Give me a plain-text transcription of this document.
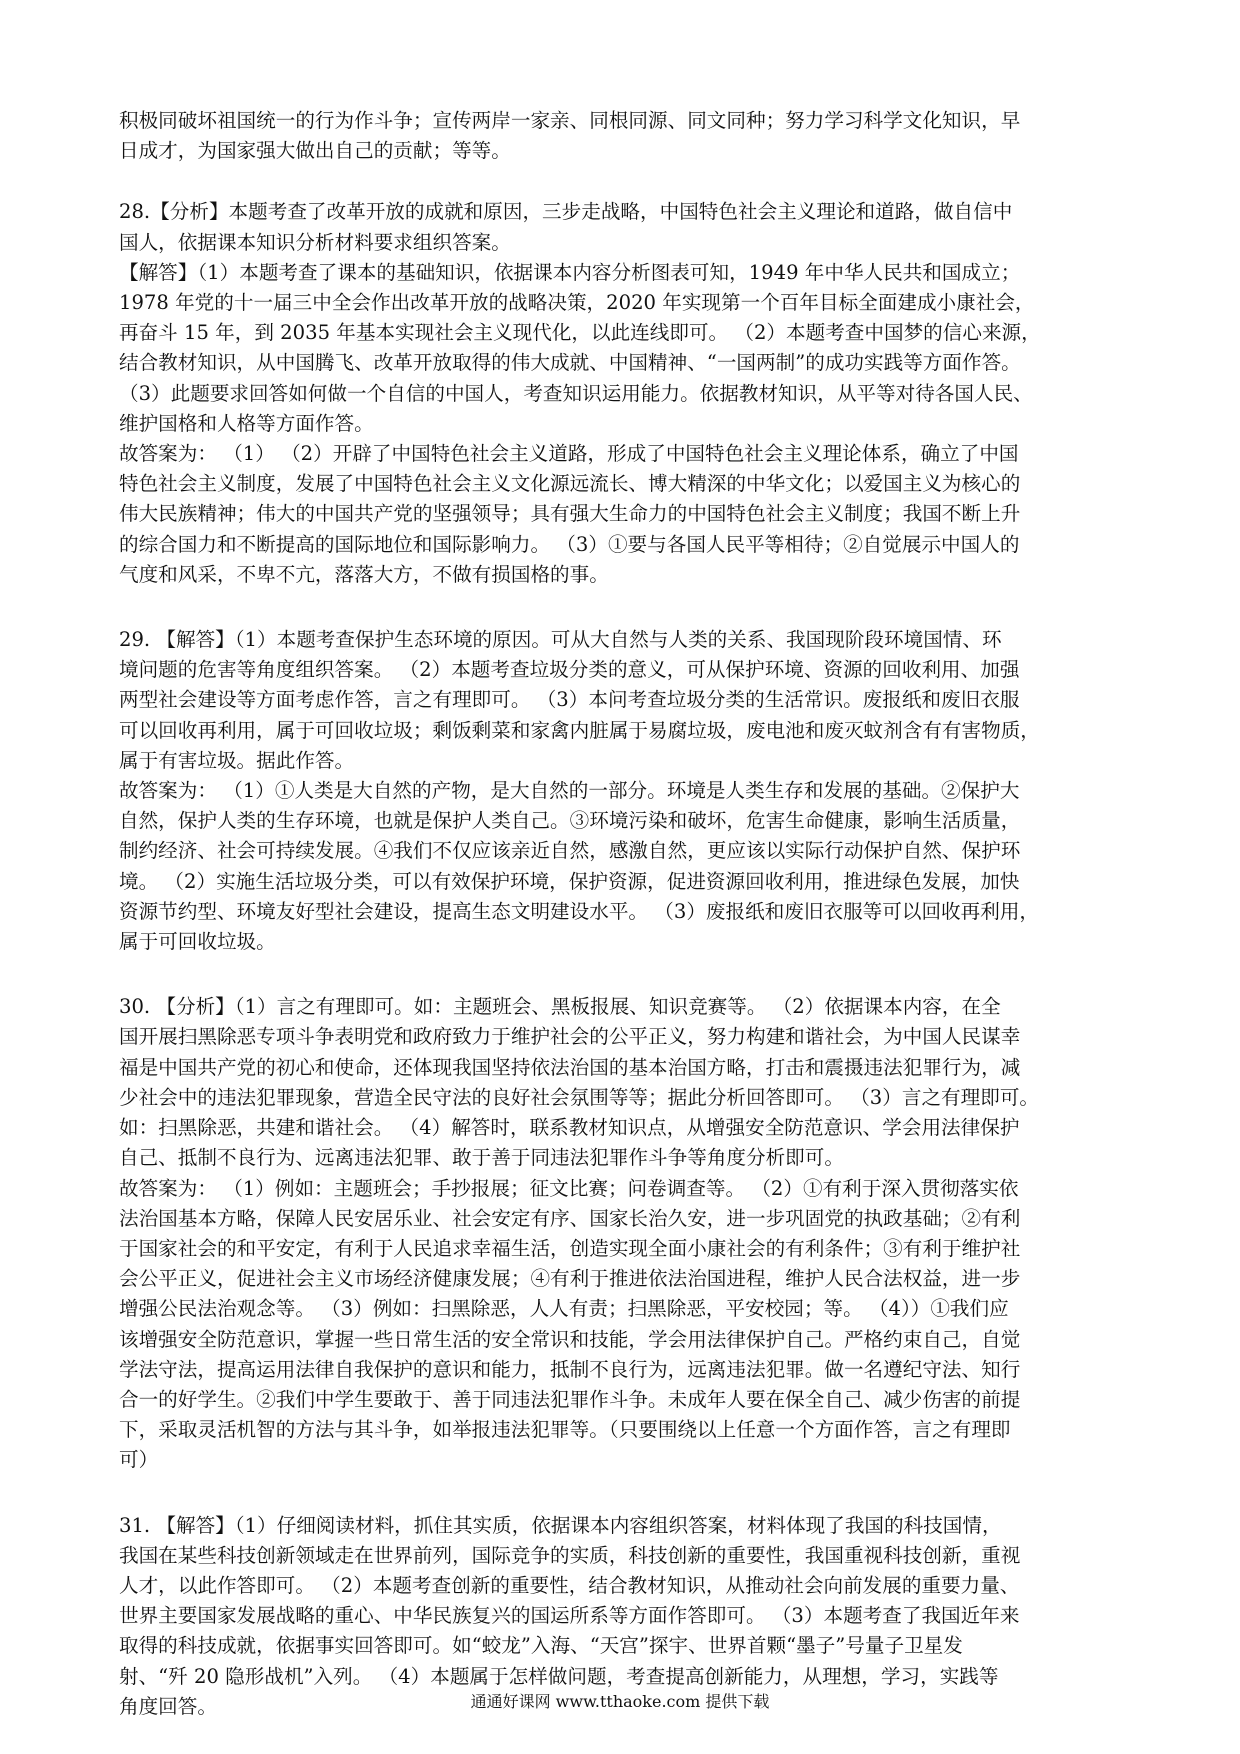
积极同破坏祖国统一的行为作斗争；宣传两岸一家亲、同根同源、同文同种；努力学习科学文化知识，早
日成才，为国家强大做出自己的贡献；等等。
28.【分析】本题考查了改革开放的成就和原因，三步走战略，中国特色社会主义理论和道路，做自信中
国人，依据课本知识分析材料要求组织答案。
【解答】（1）本题考查了课本的基础知识，依据课本内容分析图表可知，1949 年中华人民共和国成立；
1978 年党的十一届三中全会作出改革开放的战略决策，2020 年实现第一个百年目标全面建成小康社会，
再奋斗 15 年，到 2035 年基本实现社会主义现代化，以此连线即可。 （2）本题考查中国梦的信心来源，
结合教材知识，从中国腾飞、改革开放取得的伟大成就、中国精神、“一国两制”的成功实践等方面作答。
（3）此题要求回答如何做一个自信的中国人，考查知识运用能力。依据教材知识，从平等对待各国人民、
维护国格和人格等方面作答。
故答案为： （1） （2）开辟了中国特色社会主义道路，形成了中国特色社会主义理论体系，确立了中国
特色社会主义制度，发展了中国特色社会主义文化源远流长、博大精深的中华文化；以爱国主义为核心的
伟大民族精神；伟大的中国共产党的坚强领导；具有强大生命力的中国特色社会主义制度；我国不断上升
的综合国力和不断提高的国际地位和国际影响力。 （3）①要与各国人民平等相待；②自觉展示中国人的
气度和风采，不卑不亢，落落大方，不做有损国格的事。
29. 【解答】（1）本题考查保护生态环境的原因。可从大自然与人类的关系、我国现阶段环境国情、环
境问题的危害等角度组织答案。 （2）本题考查垃圾分类的意义，可从保护环境、资源的回收利用、加强
两型社会建设等方面考虑作答，言之有理即可。 （3）本问考查垃圾分类的生活常识。废报纸和废旧衣服
可以回收再利用，属于可回收垃圾；剩饭剩菜和家禽内脏属于易腐垃圾，废电池和废灭蚊剂含有有害物质，
属于有害垃圾。据此作答。
故答案为： （1）①人类是大自然的产物，是大自然的一部分。环境是人类生存和发展的基础。②保护大
自然，保护人类的生存环境，也就是保护人类自己。③环境污染和破坏，危害生命健康，影响生活质量，
制约经济、社会可持续发展。④我们不仅应该亲近自然，感激自然，更应该以实际行动保护自然、保护环
境。 （2）实施生活垃圾分类，可以有效保护环境，保护资源，促进资源回收利用，推进绿色发展，加快
资源节约型、环境友好型社会建设，提高生态文明建设水平。 （3）废报纸和废旧衣服等可以回收再利用，
属于可回收垃圾。
30. 【分析】（1）言之有理即可。如：主题班会、黑板报展、知识竞赛等。 （2）依据课本内容，在全
国开展扫黑除恶专项斗争表明党和政府致力于维护社会的公平正义，努力构建和谐社会，为中国人民谋幸
福是中国共产党的初心和使命，还体现我国坚持依法治国的基本治国方略，打击和震摄违法犯罪行为，减
少社会中的违法犯罪现象，营造全民守法的良好社会氛围等等；据此分析回答即可。 （3）言之有理即可。
如：扫黑除恶，共建和谐社会。 （4）解答时，联系教材知识点，从增强安全防范意识、学会用法律保护
自己、抵制不良行为、远离违法犯罪、敢于善于同违法犯罪作斗争等角度分析即可。
故答案为： （1）例如：主题班会；手抄报展；征文比赛；问卷调查等。 （2）①有利于深入贯彻落实依
法治国基本方略，保障人民安居乐业、社会安定有序、国家长治久安，进一步巩固党的执政基础；②有利
于国家社会的和平安定，有利于人民追求幸福生活，创造实现全面小康社会的有利条件；③有利于维护社
会公平正义，促进社会主义市场经济健康发展；④有利于推进依法治国进程，维护人民合法权益，进一步
增强公民法治观念等。 （3）例如：扫黑除恶，人人有责；扫黑除恶，平安校园；等。 （4））①我们应
该增强安全防范意识，掌握一些日常生活的安全常识和技能，学会用法律保护自己。严格约束自己，自觉
学法守法，提高运用法律自我保护的意识和能力，抵制不良行为，远离违法犯罪。做一名遵纪守法、知行
合一的好学生。②我们中学生要敢于、善于同违法犯罪作斗争。未成年人要在保全自己、减少伤害的前提
下，采取灵活机智的方法与其斗争，如举报违法犯罪等。（只要围绕以上任意一个方面作答，言之有理即
可）
31. 【解答】（1）仔细阅读材料，抓住其实质，依据课本内容组织答案，材料体现了我国的科技国情，
我国在某些科技创新领域走在世界前列，国际竞争的实质，科技创新的重要性，我国重视科技创新，重视
人才，以此作答即可。 （2）本题考查创新的重要性，结合教材知识，从推动社会向前发展的重要力量、
世界主要国家发展战略的重心、中华民族复兴的国运所系等方面作答即可。 （3）本题考查了我国近年来
取得的科技成就，依据事实回答即可。如“蛟龙”入海、“天宫”探宇、世界首颗“墨子”号量子卫星发
射、“歼 20 隐形战机”入列。 （4）本题属于怎样做问题，考查提高创新能力，从理想，学习，实践等
角度回答。	通通好课网 www.tthaoke.com 提供下载
